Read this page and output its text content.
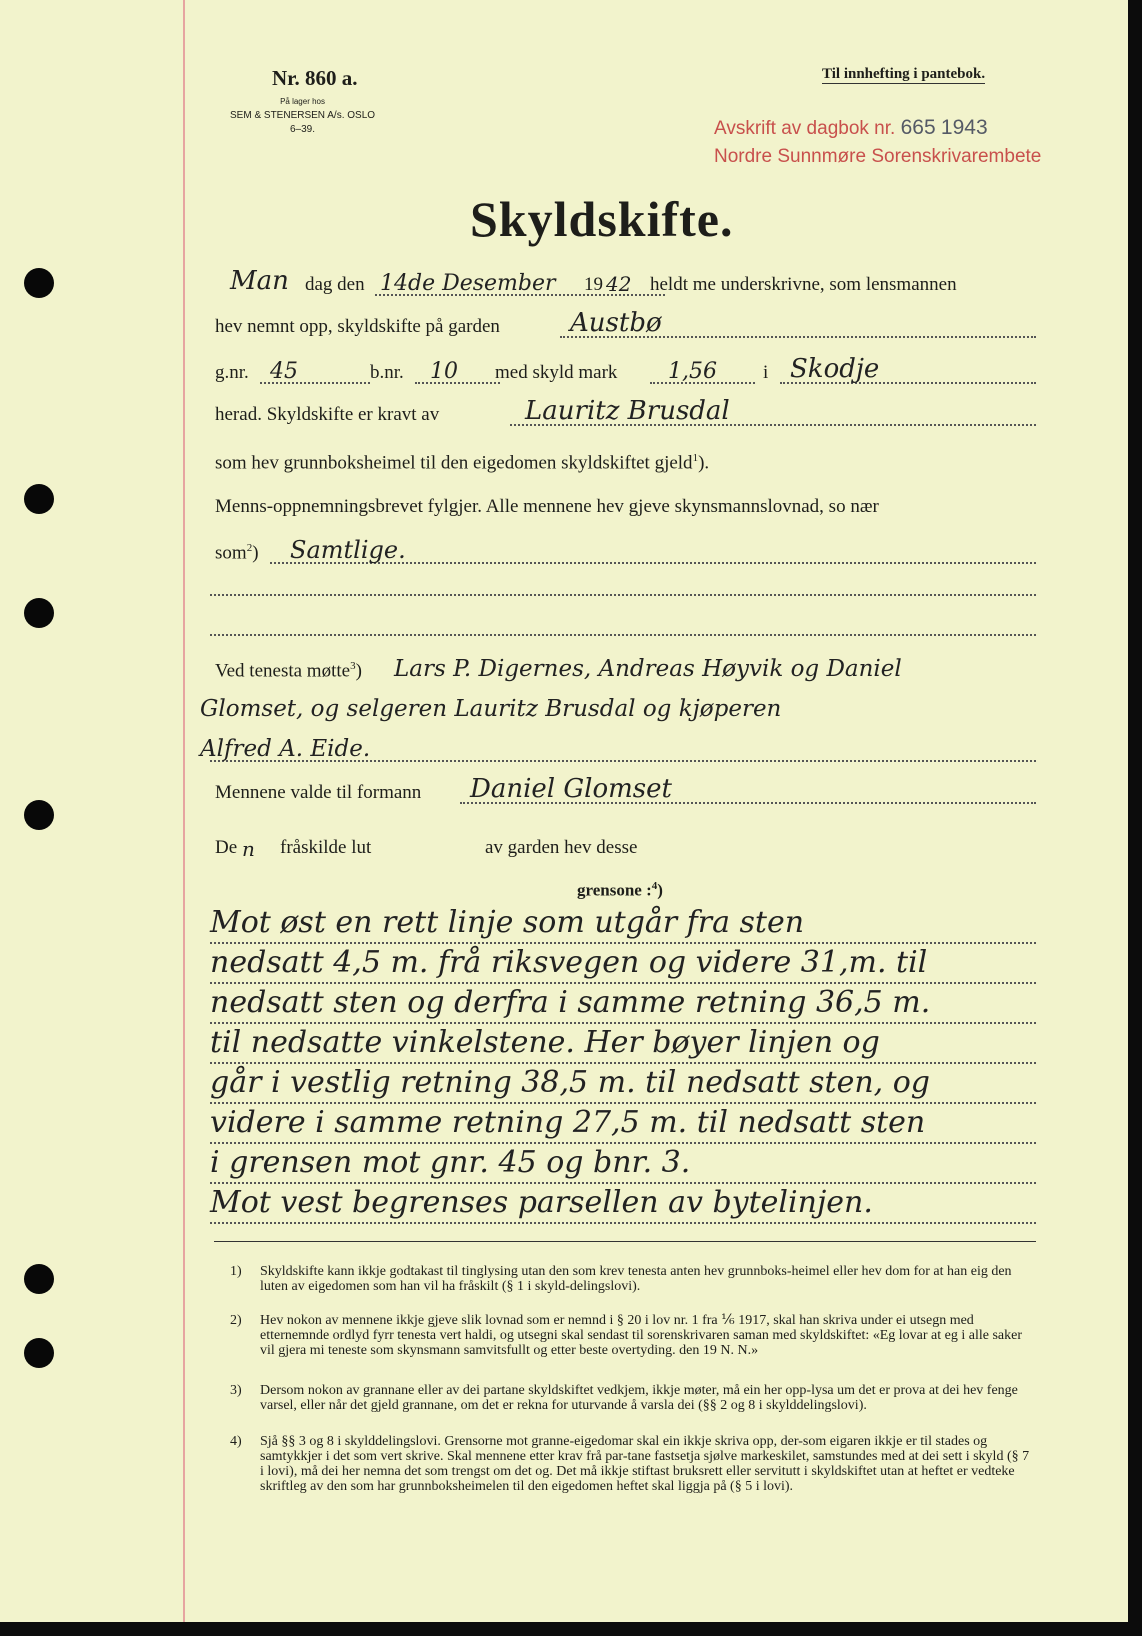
Nr. 860 a.
På lager hos
SEM & STENERSEN A/s. OSLO
6–39.
Til innhefting i pantebok.
Avskrift av dagbok nr. 665 1943
Nordre Sunnmøre Sorenskrivarembete
Skyldskifte.
Man dag den 14de Desember 19 42 heldt me underskrivne, som lensmannen
hev nemnt opp, skyldskifte på garden	Austbø
g.nr. 45	b.nr. 10 med skyld mark 1,56 i Skodje
herad. Skyldskifte er kravt av	Lauritz Brusdal
som hev grunnboksheimel til den eigedomen skyldskiftet gjeld$^1$).
Menns-oppnemningsbrevet fylgjer. Alle mennene hev gjeve skynsmannslovnad, so nær
som$^2$) Samtlige.
Ved tenesta møtte$^3$) Lars P. Digernes, Andreas Høyvik og Daniel
Glomset, og selgeren Lauritz Brusdal og kjøperen
Alfred A. Eide.
Mennene valde til formann Daniel Glomset
De n fråskilde lut	av garden hev desse
grensone :$^4$)
Mot øst en rett linje som utgår fra sten
nedsatt 4,5 m. frå riksvegen og videre 31,m. til
nedsatt sten og derfra i samme retning 36,5 m.
til nedsatte vinkelstene. Her bøyer linjen og
går i vestlig retning 38,5 m. til nedsatt sten, og
videre i samme retning 27,5 m. til nedsatt sten
i grensen mot gnr. 45 og bnr. 3.
Mot vest begrenses parsellen av bytelinjen.
1) Skyldskifte kann ikkje godtakast til tinglysing utan den som krev tenesta anten hev grunnboks-heimel eller hev dom for at han eig den luten av eigedomen som han vil ha fråskilt (§ 1 i skyld-delingslovi).
2) Hev nokon av mennene ikkje gjeve slik lovnad som er nemnd i § 20 i lov nr. 1 fra ⅙ 1917, skal han skriva under ei utsegn med etternemnde ordlyd fyrr tenesta vert haldi, og utsegni skal sendast til sorenskrivaren saman med skyldskiftet: «Eg lovar at eg i alle saker vil gjera mi teneste som skynsmann samvitsfullt og etter beste overtyding. den 19 N. N.»
3) Dersom nokon av grannane eller av dei partane skyldskiftet vedkjem, ikkje møter, må ein her opp-lysa um det er prova at dei hev fenge varsel, eller når det gjeld grannane, om det er rekna for uturvande å varsla dei (§§ 2 og 8 i skylddelingslovi).
4) Sjå §§ 3 og 8 i skylddelingslovi. Grensorne mot granne-eigedomar skal ein ikkje skriva opp, der-som eigaren ikkje er til stades og samtykkjer i det som vert skrive. Skal mennene etter krav frå par-tane fastsetja sjølve markeskilet, samstundes med at dei sett i skyld (§ 7 i lovi), må dei her nemna det som trengst om det og. Det må ikkje stiftast bruksrett eller servitutt i skyldskiftet utan at heftet er vedteke skriftleg av den som har grunnboksheimelen til den eigedomen heftet skal liggja på (§ 5 i lovi).
